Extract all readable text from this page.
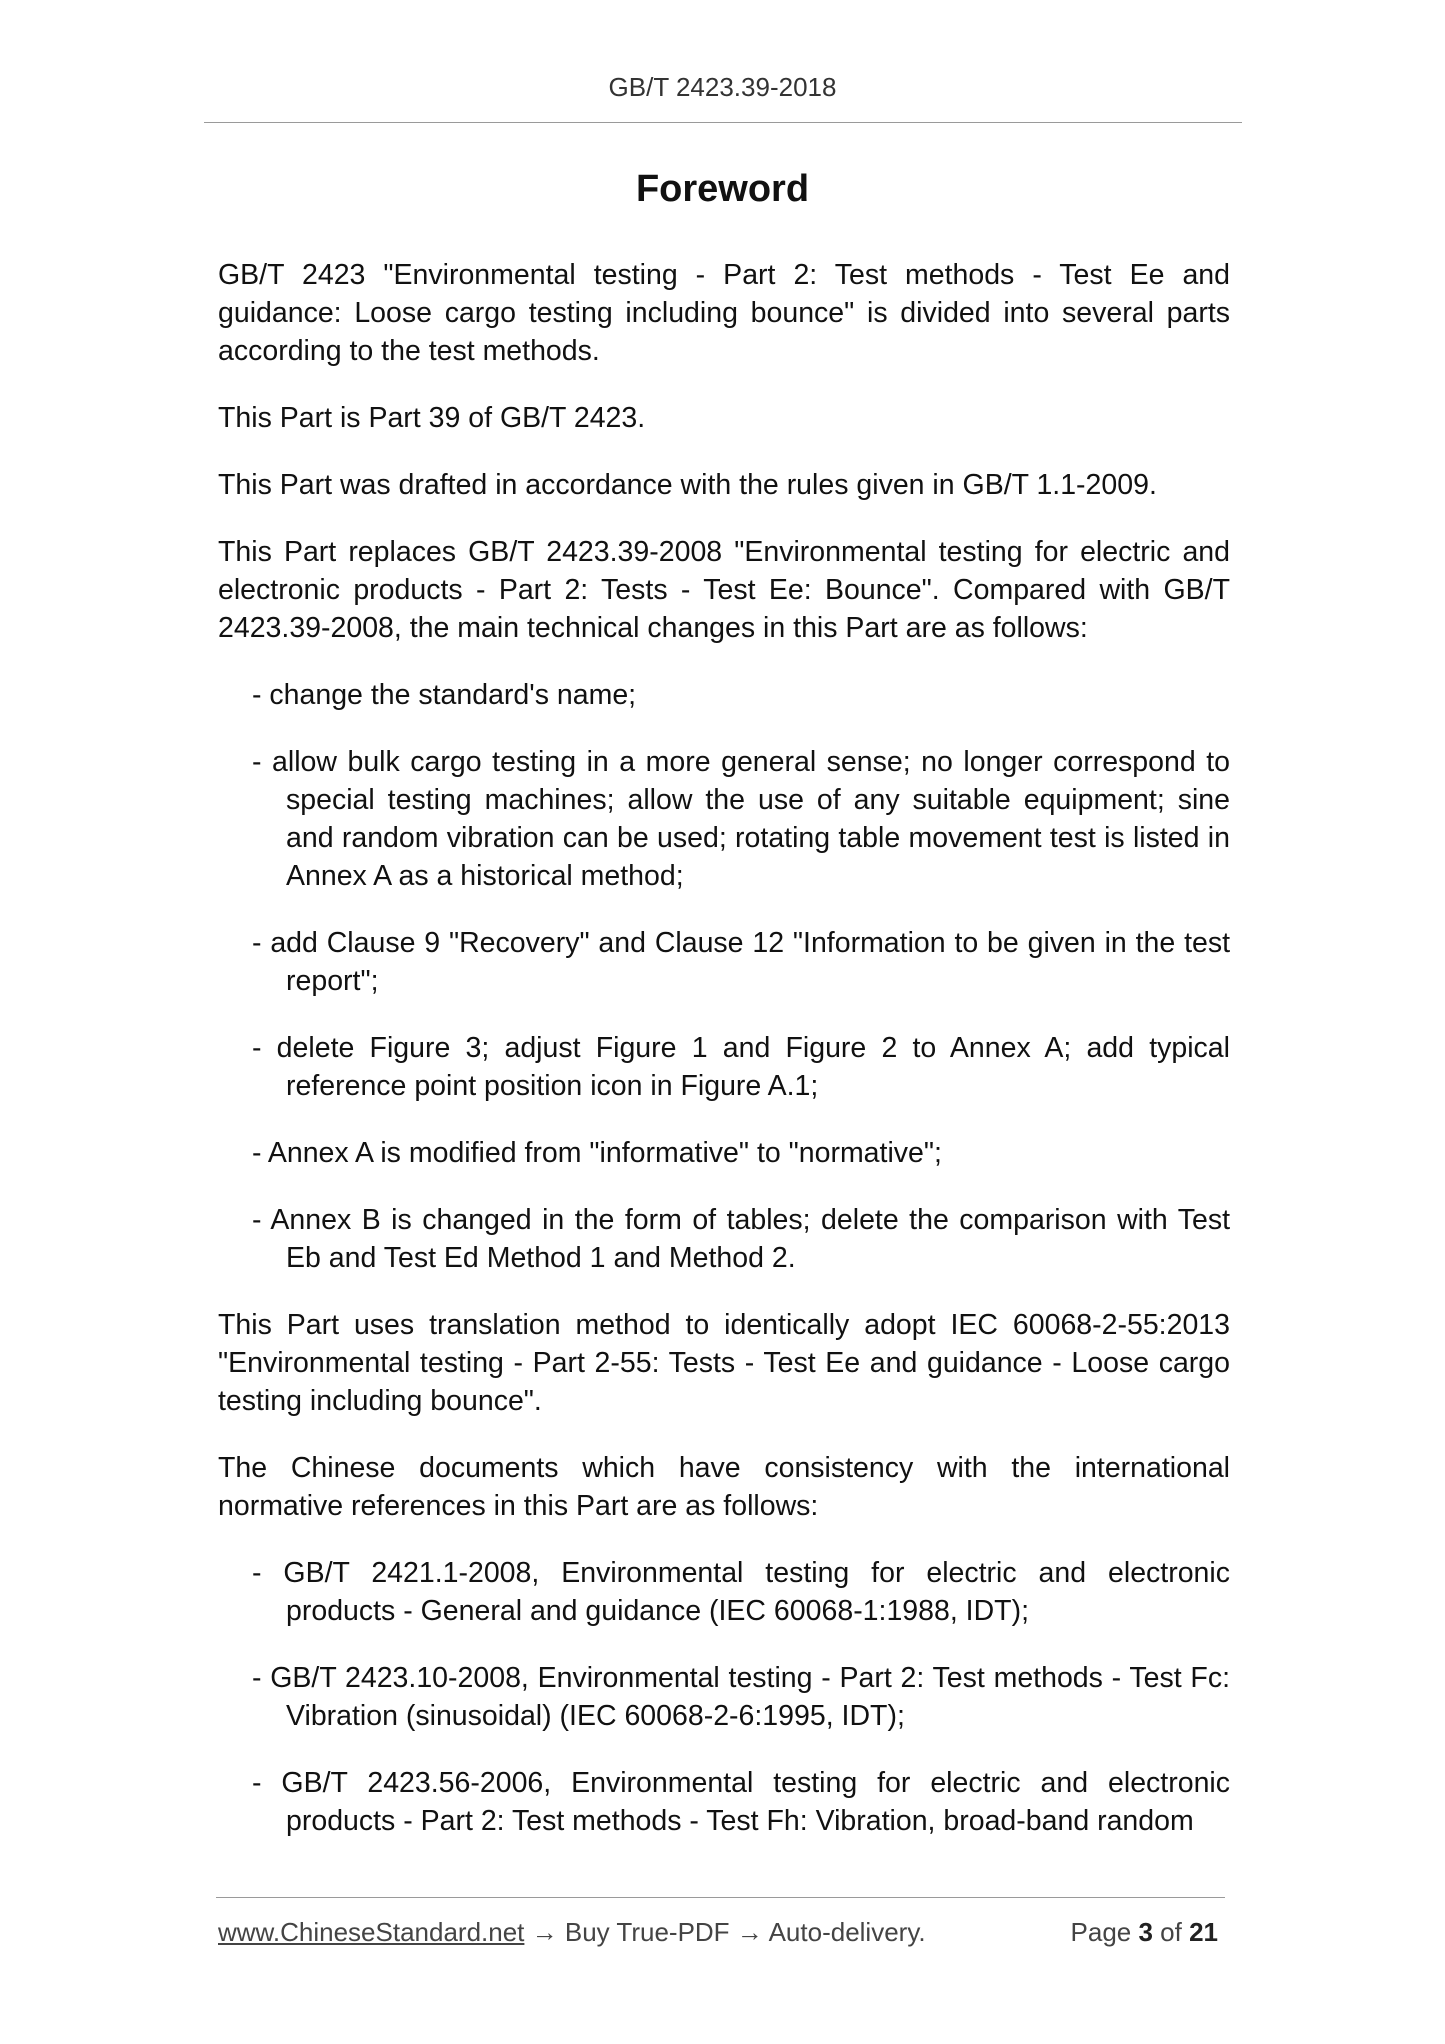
GB/T 2423.39-2018
Foreword

GB/T 2423 "Environmental testing - Part 2: Test methods - Test Ee and guidance: Loose cargo testing including bounce" is divided into several parts according to the test methods.

This Part is Part 39 of GB/T 2423.

This Part was drafted in accordance with the rules given in GB/T 1.1-2009.

This Part replaces GB/T 2423.39-2008 "Environmental testing for electric and electronic products - Part 2: Tests - Test Ee: Bounce". Compared with GB/T 2423.39-2008, the main technical changes in this Part are as follows:

- change the standard's name;
- allow bulk cargo testing in a more general sense; no longer correspond to special testing machines; allow the use of any suitable equipment; sine and random vibration can be used; rotating table movement test is listed in Annex A as a historical method;
- add Clause 9 "Recovery" and Clause 12 "Information to be given in the test report";
- delete Figure 3; adjust Figure 1 and Figure 2 to Annex A; add typical reference point position icon in Figure A.1;
- Annex A is modified from "informative" to "normative";
- Annex B is changed in the form of tables; delete the comparison with Test Eb and Test Ed Method 1 and Method 2.

This Part uses translation method to identically adopt IEC 60068-2-55:2013 "Environmental testing - Part 2-55: Tests - Test Ee and guidance - Loose cargo testing including bounce".

The Chinese documents which have consistency with the international normative references in this Part are as follows:

- GB/T 2421.1-2008, Environmental testing for electric and electronic products - General and guidance (IEC 60068-1:1988, IDT);
- GB/T 2423.10-2008, Environmental testing - Part 2: Test methods - Test Fc: Vibration (sinusoidal) (IEC 60068-2-6:1995, IDT);
- GB/T 2423.56-2006, Environmental testing for electric and electronic products - Part 2: Test methods - Test Fh: Vibration, broad-band random
www.ChineseStandard.net → Buy True-PDF → Auto-delivery.	Page 3 of 21
